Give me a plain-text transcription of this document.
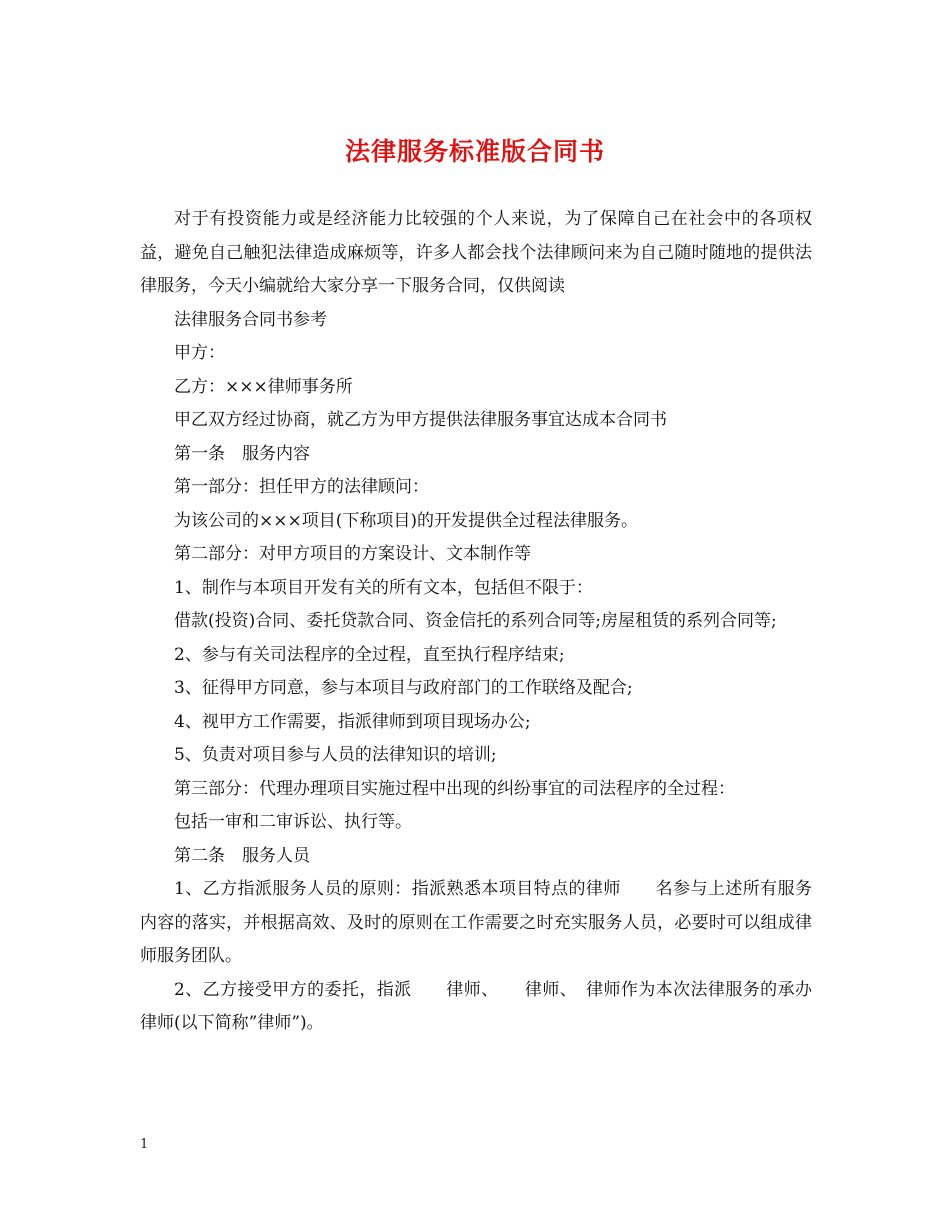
法律服务标准版合同书

对于有投资能力或是经济能力比较强的个人来说，为了保障自己在社会中的各项权益，避免自己触犯法律造成麻烦等，许多人都会找个法律顾问来为自己随时随地的提供法律服务，今天小编就给大家分享一下服务合同，仅供阅读

法律服务合同书参考

甲方：

乙方：×××律师事务所

甲乙双方经过协商，就乙方为甲方提供法律服务事宜达成本合同书

第一条　服务内容

第一部分：担任甲方的法律顾问：

为该公司的×××项目(下称项目)的开发提供全过程法律服务。

第二部分：对甲方项目的方案设计、文本制作等

1、制作与本项目开发有关的所有文本，包括但不限于：

借款(投资)合同、委托贷款合同、资金信托的系列合同等;房屋租赁的系列合同等;

2、参与有关司法程序的全过程，直至执行程序结束;

3、征得甲方同意，参与本项目与政府部门的工作联络及配合;

4、视甲方工作需要，指派律师到项目现场办公;

5、负责对项目参与人员的法律知识的培训;

第三部分：代理办理项目实施过程中出现的纠纷事宜的司法程序的全过程：

包括一审和二审诉讼、执行等。

第二条　服务人员

1、乙方指派服务人员的原则：指派熟悉本项目特点的律师　　名参与上述所有服务内容的落实，并根据高效、及时的原则在工作需要之时充实服务人员，必要时可以组成律师服务团队。

2、乙方接受甲方的委托，指派　　律师、　　律师、　律师作为本次法律服务的承办律师(以下简称”律师”)。

1
